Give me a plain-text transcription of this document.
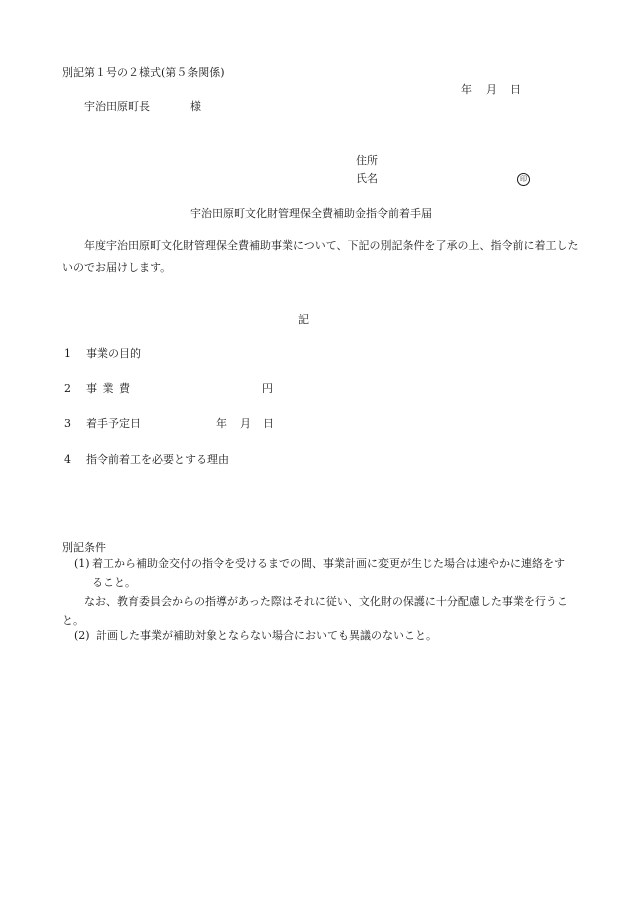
別記第１号の２様式(第５条関係)
年 月 日
宇治田原町長	様
住所
氏名	印
宇治田原町文化財管理保全費補助金指令前着手届
年度宇治田原町文化財管理保全費補助事業について、下記の別記条件を了承の上、指令前に着工したいのでお届けします。
記
1 事業の目的
2 事 業 費	円
3 着手予定日	年 月 日
4 指令前着工を必要とする理由
別記条件
(1) 着工から補助金交付の指令を受けるまでの間、事業計画に変更が生じた場合は速やかに連絡をすること。
なお、教育委員会からの指導があった際はそれに従い、文化財の保護に十分配慮した事業を行うこと。
(2) 計画した事業が補助対象とならない場合においても異議のないこと。
